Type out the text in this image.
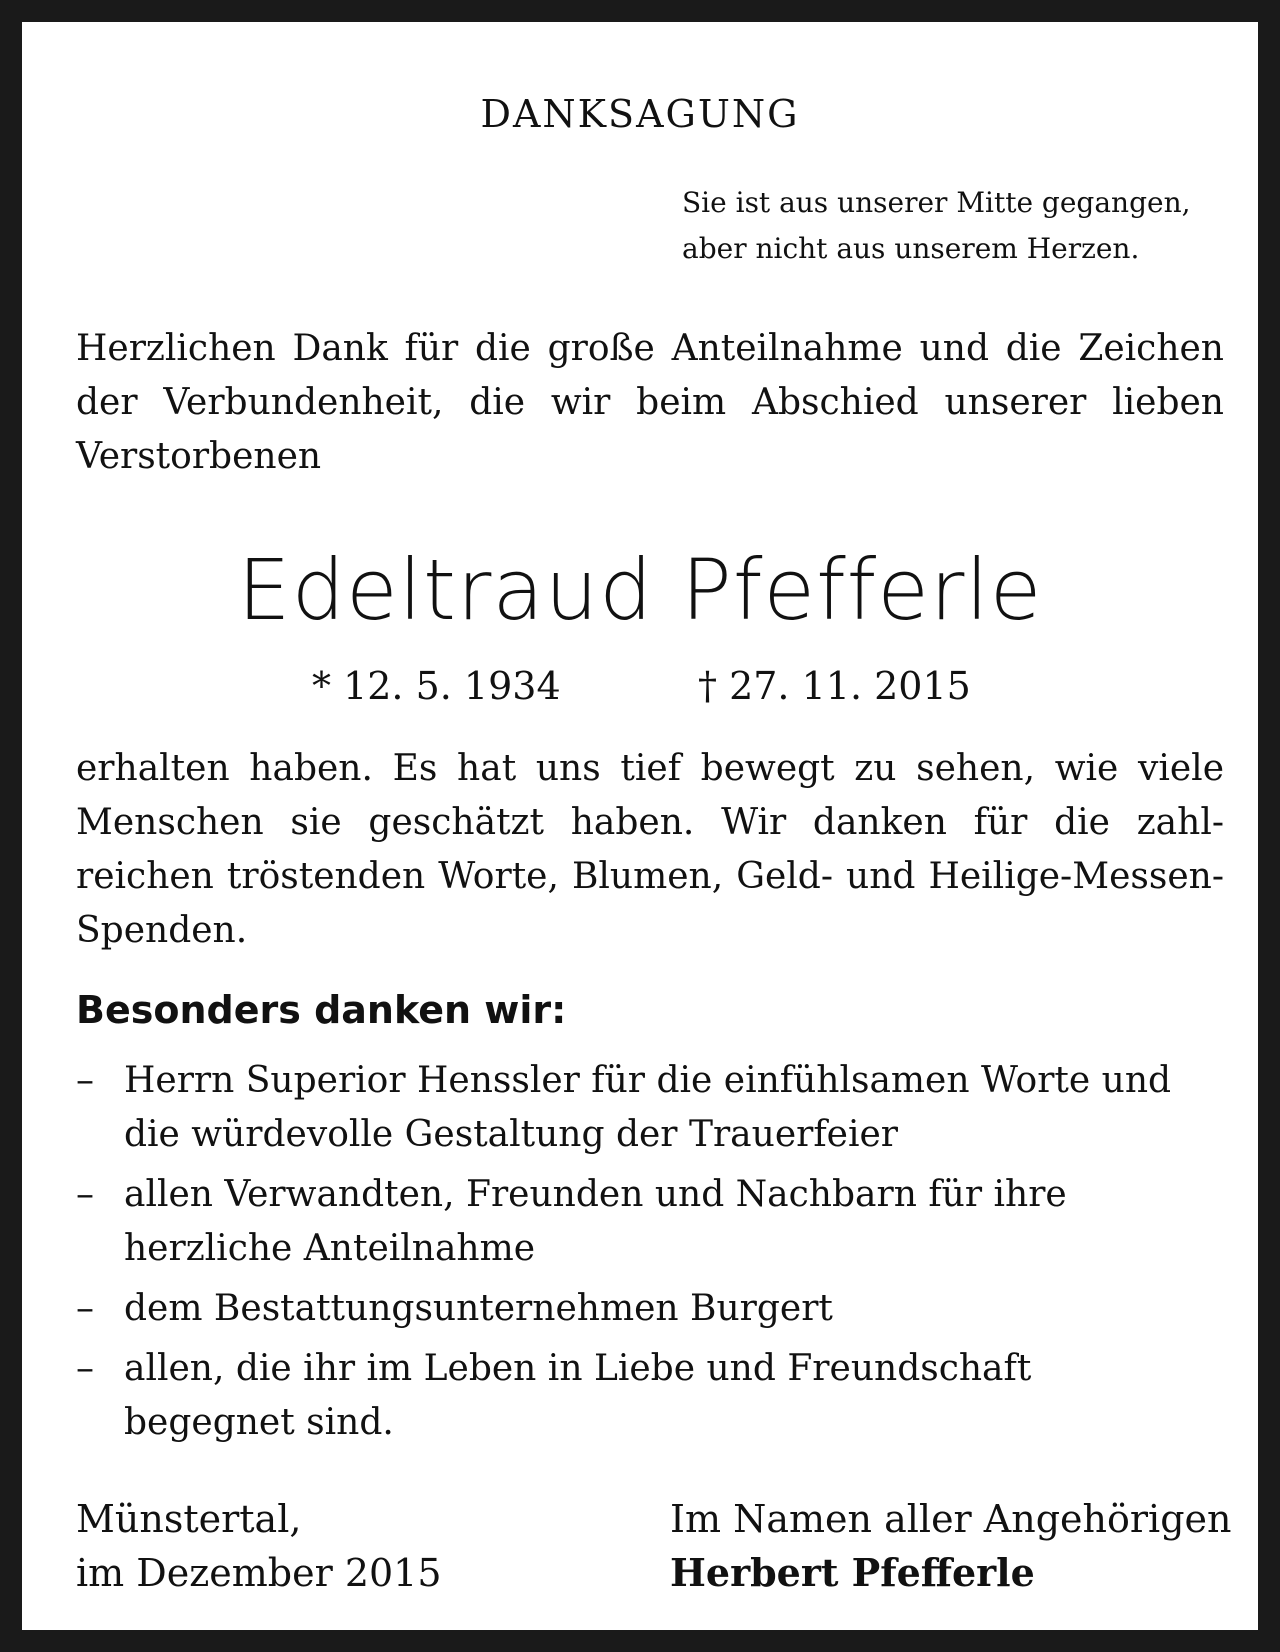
DANKSAGUNG
Sie ist aus unserer Mitte gegangen,
aber nicht aus unserem Herzen.
Herzlichen Dank für die große Anteilnahme und die Zeichen
der Verbundenheit, die wir beim Abschied unserer lieben
Verstorbenen
Edeltraud Pfefferle
* 12. 5. 1934	† 27. 11. 2015
erhalten haben. Es hat uns tief bewegt zu sehen, wie viele
Menschen sie geschätzt haben. Wir danken für die zahl-
reichen tröstenden Worte, Blumen, Geld- und Heilige-Messen-
Spenden.
Besonders danken wir:
– Herrn Superior Henssler für die einfühlsamen Worte und
die würdevolle Gestaltung der Trauerfeier
– allen Verwandten, Freunden und Nachbarn für ihre
herzliche Anteilnahme
– dem Bestattungsunternehmen Burgert
– allen, die ihr im Leben in Liebe und Freundschaft
begegnet sind.
Münstertal,
im Dezember 2015
Im Namen aller Angehörigen
Herbert Pfefferle
